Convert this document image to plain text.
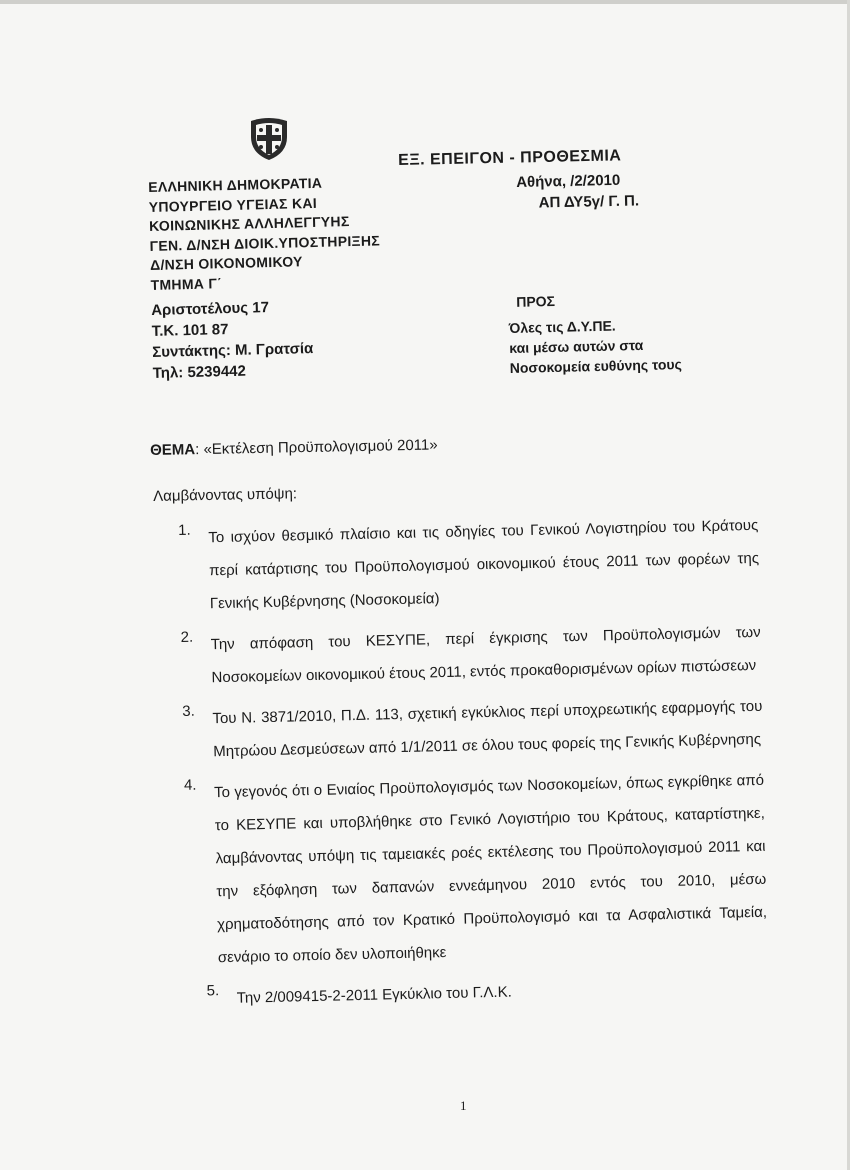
ΕΞ. ΕΠΕΙΓΟΝ - ΠΡΟΘΕΣΜΙΑ
Αθήνα, /2/2010
ΑΠ ΔΥ5γ/ Γ. Π.
ΕΛΛΗΝΙΚΗ ΔΗΜΟΚΡΑΤΙΑ
ΥΠΟΥΡΓΕΙΟ ΥΓΕΙΑΣ ΚΑΙ
ΚΟΙΝΩΝΙΚΗΣ ΑΛΛΗΛΕΓΓΥΗΣ
ΓΕΝ. Δ/ΝΣΗ ΔΙΟΙΚ.ΥΠΟΣΤΗΡΙΞΗΣ
Δ/ΝΣΗ ΟΙΚΟΝΟΜΙΚΟΥ
ΤΜΗΜΑ Γ΄
Αριστοτέλους 17
Τ.Κ. 101 87
Συντάκτης: Μ. Γρατσία
Τηλ: 5239442
ΠΡΟΣ
Όλες τις Δ.Υ.ΠΕ.
και μέσω αυτών στα
Νοσοκομεία ευθύνης τους
ΘΕΜΑ: «Εκτέλεση Προϋπολογισμού 2011»
Λαμβάνοντας υπόψη:
1. Το ισχύον θεσμικό πλαίσιο και τις οδηγίες του Γενικού Λογιστηρίου του Κράτους περί κατάρτισης του Προϋπολογισμού οικονομικού έτους 2011 των φορέων της Γενικής Κυβέρνησης (Νοσοκομεία)
2. Την απόφαση του ΚΕΣΥΠΕ, περί έγκρισης των Προϋπολογισμών των Νοσοκομείων οικονομικού έτους 2011, εντός προκαθορισμένων ορίων πιστώσεων
3. Του Ν. 3871/2010, Π.Δ. 113, σχετική εγκύκλιος περί υποχρεωτικής εφαρμογής του Μητρώου Δεσμεύσεων από 1/1/2011 σε όλου τους φορείς της Γενικής Κυβέρνησης
4. Το γεγονός ότι ο Ενιαίος Προϋπολογισμός των Νοσοκομείων, όπως εγκρίθηκε από το ΚΕΣΥΠΕ και υποβλήθηκε στο Γενικό Λογιστήριο του Κράτους, καταρτίστηκε, λαμβάνοντας υπόψη τις ταμειακές ροές εκτέλεσης του Προϋπολογισμού 2011 και την εξόφληση των δαπανών εννεάμηνου 2010 εντός του 2010, μέσω χρηματοδότησης από τον Κρατικό Προϋπολογισμό και τα Ασφαλιστικά Ταμεία, σενάριο το οποίο δεν υλοποιήθηκε
5. Την 2/009415-2-2011 Εγκύκλιο του Γ.Λ.Κ.
1
